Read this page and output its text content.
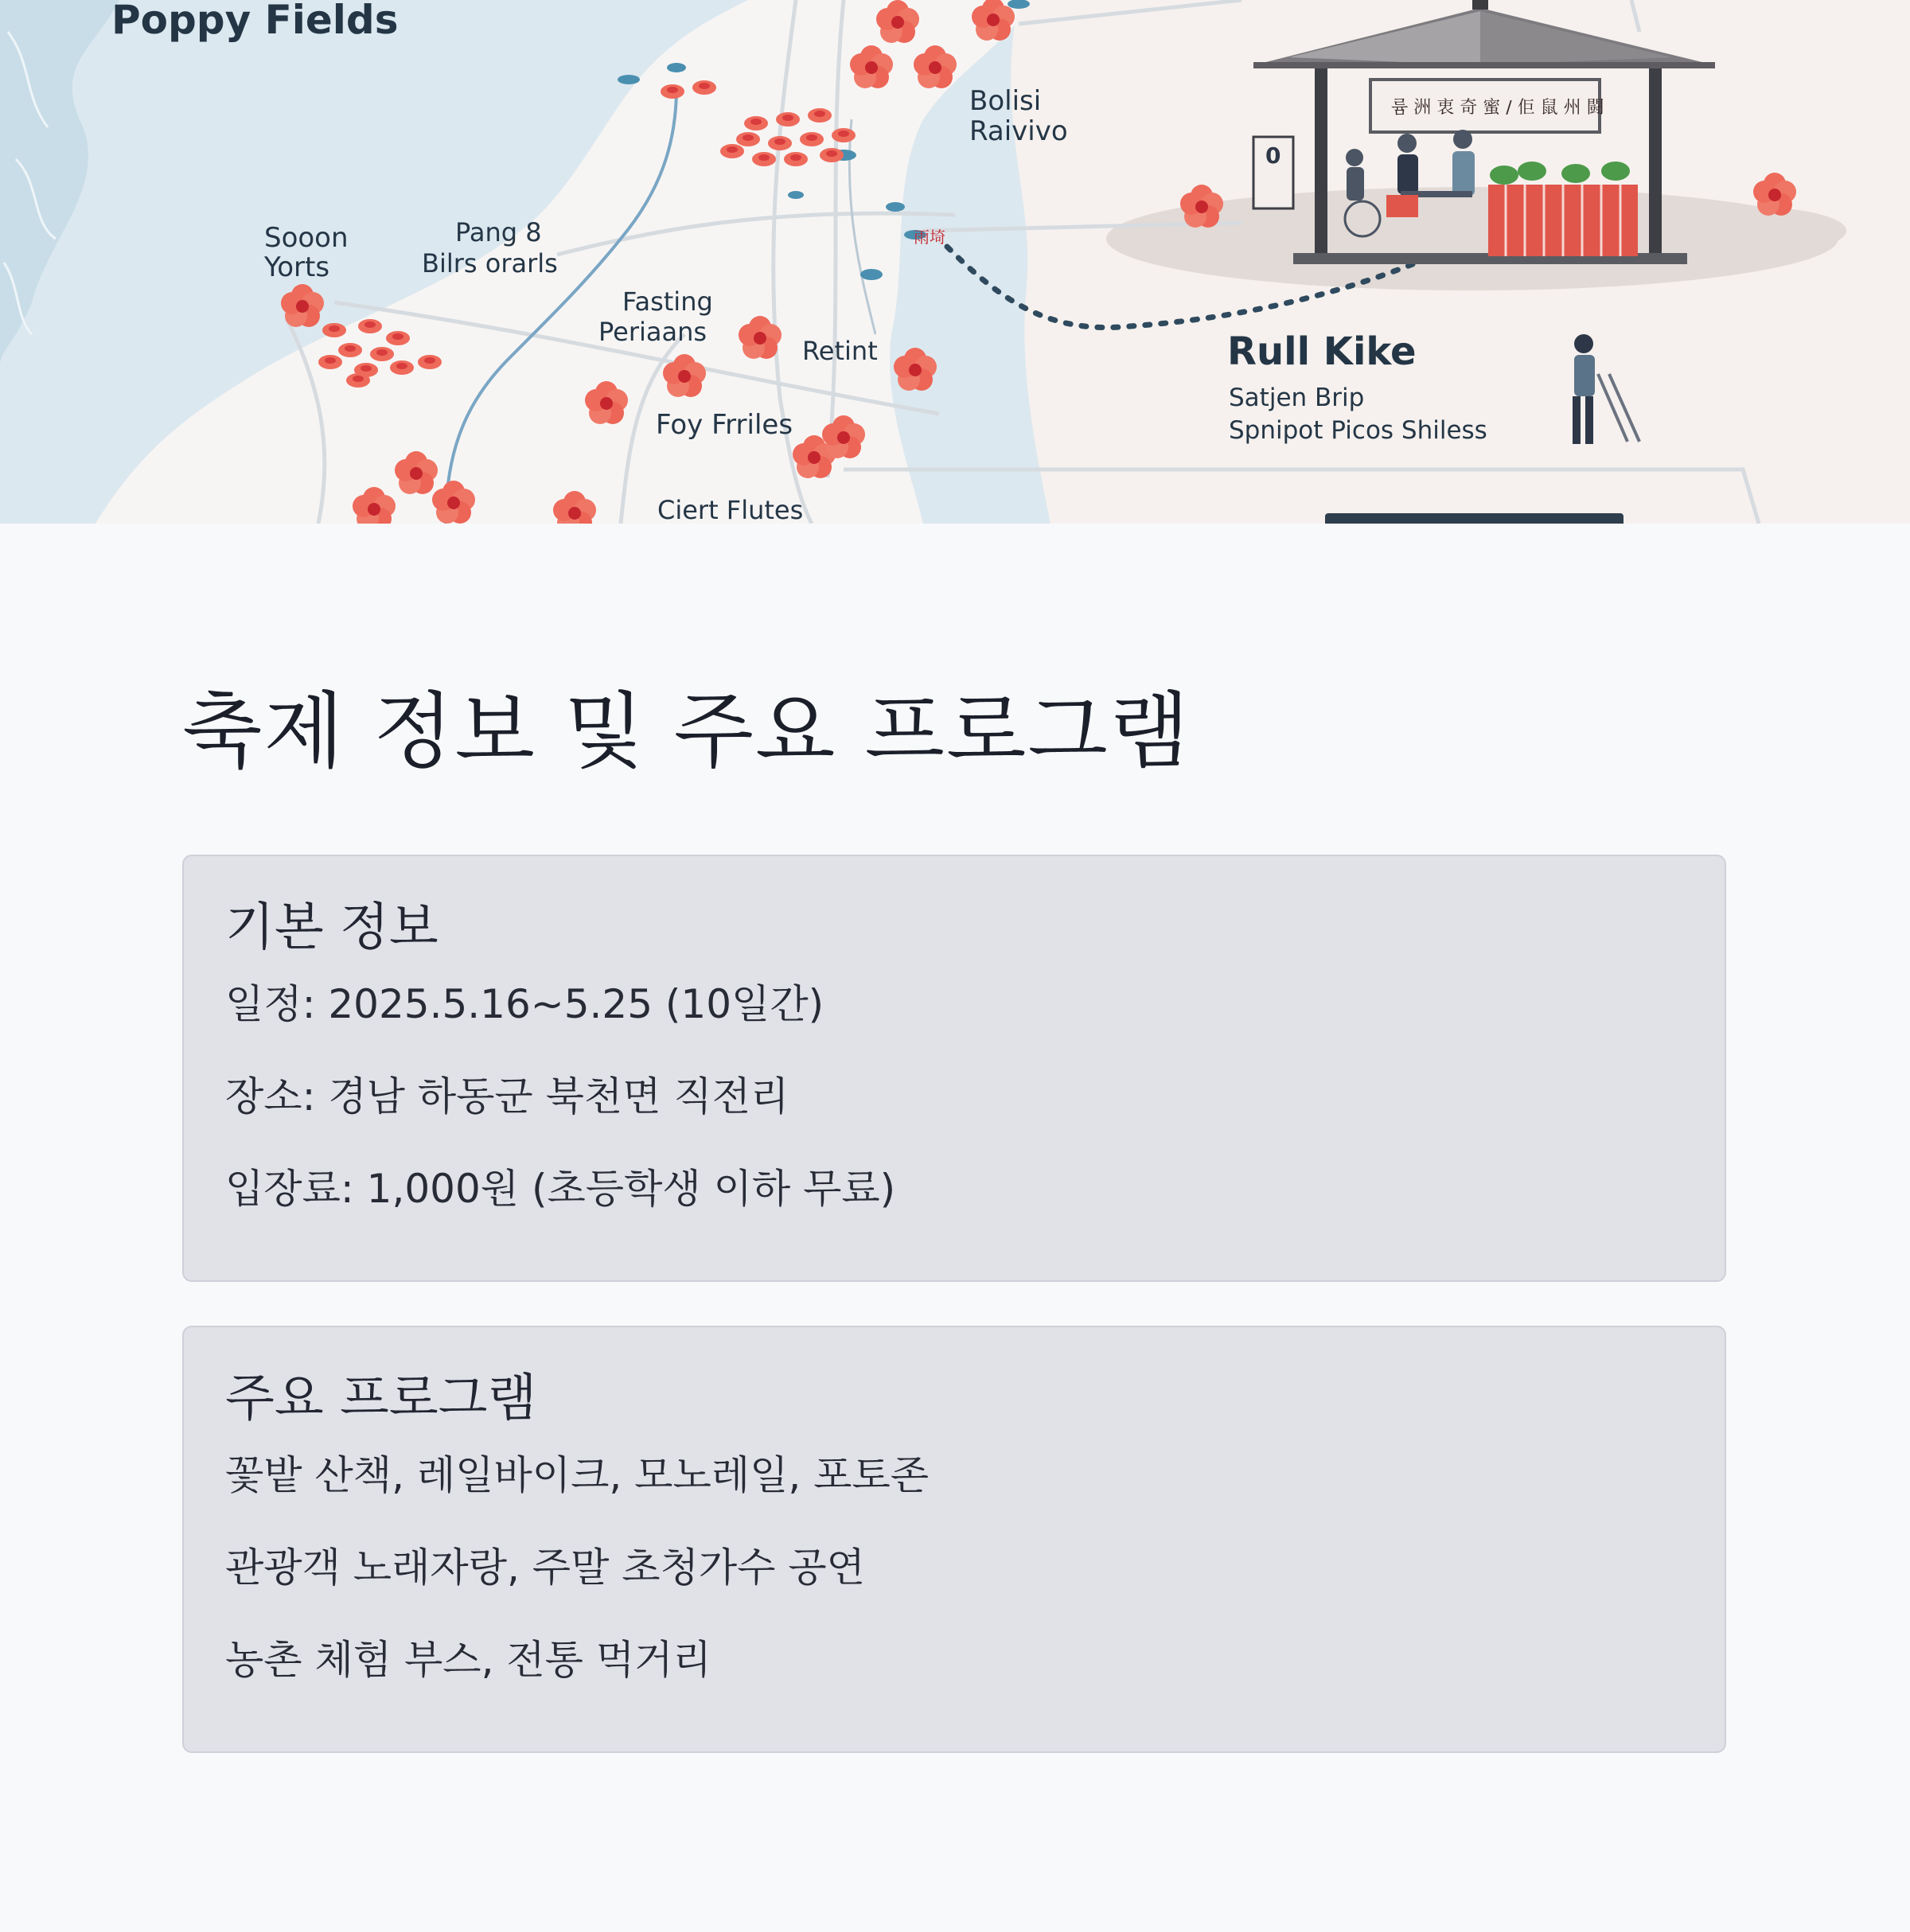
Poppy Fields
Sooon
Yorts
Pang 8
Bilrs orarls
Fasting
Periaans
Retint
Foy Frriles
Ciert Flutes
Bolisi
Raivivo
륨 洲 衷 奇 蜜 ∕ 佢 鼠 州 闘
0
雨埼
Rull Kike
Satjen Brip
Spnipot Picos Shiless
축제 정보 및 주요 프로그램
기본 정보

일정: 2025.5.16~5.25 (10일간)

장소: 경남 하동군 북천면 직전리

입장료: 1,000원 (초등학생 이하 무료)

주요 프로그램

꽃밭 산책, 레일바이크, 모노레일, 포토존

관광객 노래자랑, 주말 초청가수 공연

농촌 체험 부스, 전통 먹거리
